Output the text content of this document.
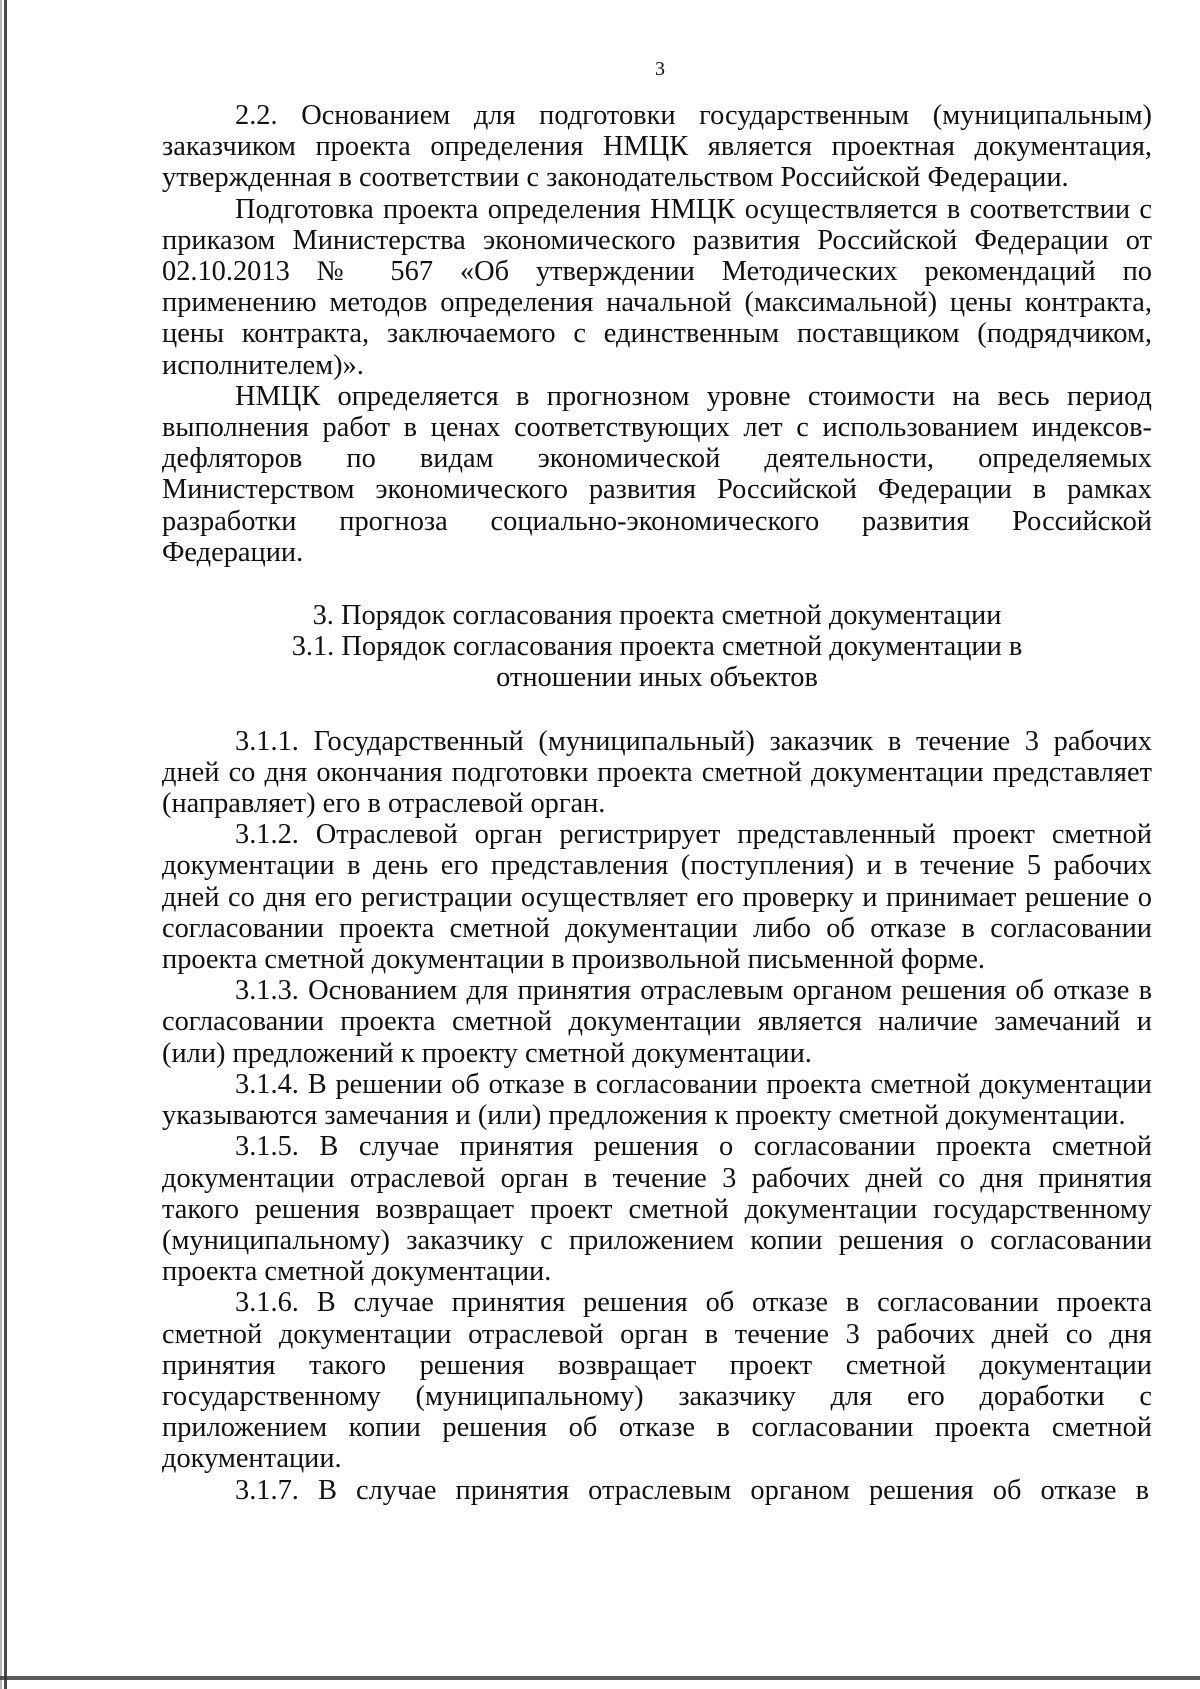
3

2.2. Основанием для подготовки государственным (муниципальным) заказчиком проекта определения НМЦК является проектная документация, утвержденная в соответствии с законодательством Российской Федерации.

Подготовка проекта определения НМЦК осуществляется в соответствии с приказом Министерства экономического развития Российской Федерации от 02.10.2013 № 567 «Об утверждении Методических рекомендаций по применению методов определения начальной (максимальной) цены контракта, цены контракта, заключаемого с единственным поставщиком (подрядчиком, исполнителем)».

НМЦК определяется в прогнозном уровне стоимости на весь период выполнения работ в ценах соответствующих лет с использованием индексов-дефляторов по видам экономической деятельности, определяемых Министерством экономического развития Российской Федерации в рамках разработки прогноза социально-экономического развития Российской Федерации.

3. Порядок согласования проекта сметной документации

3.1. Порядок согласования проекта сметной документации в отношении иных объектов

3.1.1. Государственный (муниципальный) заказчик в течение 3 рабочих дней со дня окончания подготовки проекта сметной документации представляет (направляет) его в отраслевой орган.

3.1.2. Отраслевой орган регистрирует представленный проект сметной документации в день его представления (поступления) и в течение 5 рабочих дней со дня его регистрации осуществляет его проверку и принимает решение о согласовании проекта сметной документации либо об отказе в согласовании проекта сметной документации в произвольной письменной форме.

3.1.3. Основанием для принятия отраслевым органом решения об отказе в согласовании проекта сметной документации является наличие замечаний и (или) предложений к проекту сметной документации.

3.1.4. В решении об отказе в согласовании проекта сметной документации указываются замечания и (или) предложения к проекту сметной документации.

3.1.5. В случае принятия решения о согласовании проекта сметной документации отраслевой орган в течение 3 рабочих дней со дня принятия такого решения возвращает проект сметной документации государственному (муниципальному) заказчику с приложением копии решения о согласовании проекта сметной документации.

3.1.6. В случае принятия решения об отказе в согласовании проекта сметной документации отраслевой орган в течение 3 рабочих дней со дня принятия такого решения возвращает проект сметной документации государственному (муниципальному) заказчику для его доработки с приложением копии решения об отказе в согласовании проекта сметной документации.

3.1.7. В случае принятия отраслевым органом решения об отказе в
